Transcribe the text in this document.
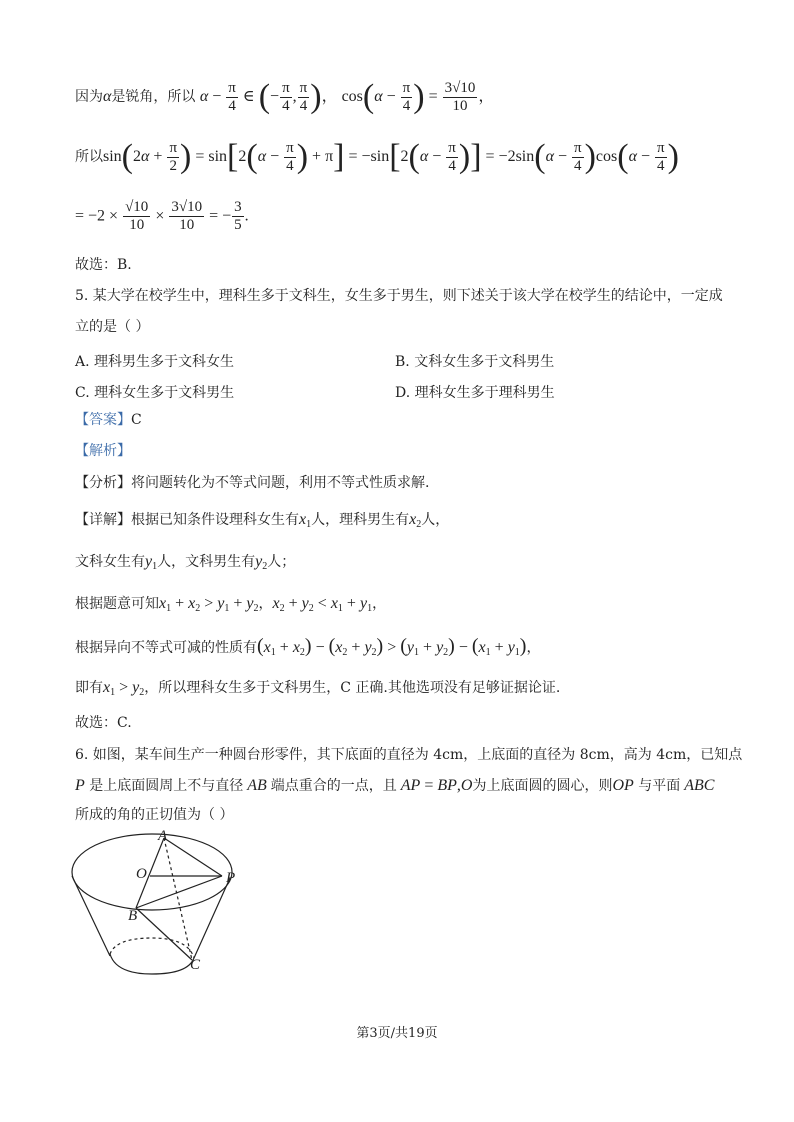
因为α是锐角，所以 $\alpha - \frac{\pi}{4}$ ∈ (− $\frac{\pi}{4}$ , $\frac{\pi}{4}$ )， $\cos(\alpha - \frac{\pi}{4}$ ) = $\frac{3√10}{10}$ ，
所以$\sin(2\alpha + \frac{\pi}{2}$ ) = $\sin[2(\alpha - \frac{\pi}{4}$ ) + $\pi] = -\sin[2(\alpha - \frac{\pi}{4}$ )] = $-2\sin(\alpha - \frac{\pi}{4} )\cos(\alpha - \frac{\pi}{4}$ )
= $-2 \times \frac{√10}{10} \times \frac{3√10}{10}$ = − $\frac{3}{5}$ .
故选：B.
5. 某大学在校学生中，理科生多于文科生，女生多于男生，则下述关于该大学在校学生的结论中，一定成
立的是（ ）
A. 理科男生多于文科女生	B. 文科女生多于文科男生
C. 理科女生多于文科男生	D. 理科女生多于理科男生
【答案】C
【解析】
【分析】将问题转化为不等式问题，利用不等式性质求解.
【详解】根据已知条件设理科女生有$x_1$人，理科男生有$x_2$人，
文科女生有$y_1$人，文科男生有$y_2$人；
根据题意可知$x_1 + x_2 > y_1 + y_2$，$x_2 + y_2 < x_1 + y_1$，
根据异向不等式可减的性质有$(x_1 + x_2) - (x_2 + y_2) > (y_1 + y_2) - (x_1 + y_1)$，
即有$x_1 > y_2$，所以理科女生多于文科男生，C 正确.其他选项没有足够证据论证.
故选：C.
6. 如图，某车间生产一种圆台形零件，其下底面的直径为 4cm，上底面的直径为 8cm，高为 4cm，已知点
P 是上底面圆周上不与直径 AB 端点重合的一点，且 AP = BP,O为上底面圆的圆心，则OP 与平面 ABC
所成的角的正切值为（ ）
A
O	P
B
C
第3页/共19页
